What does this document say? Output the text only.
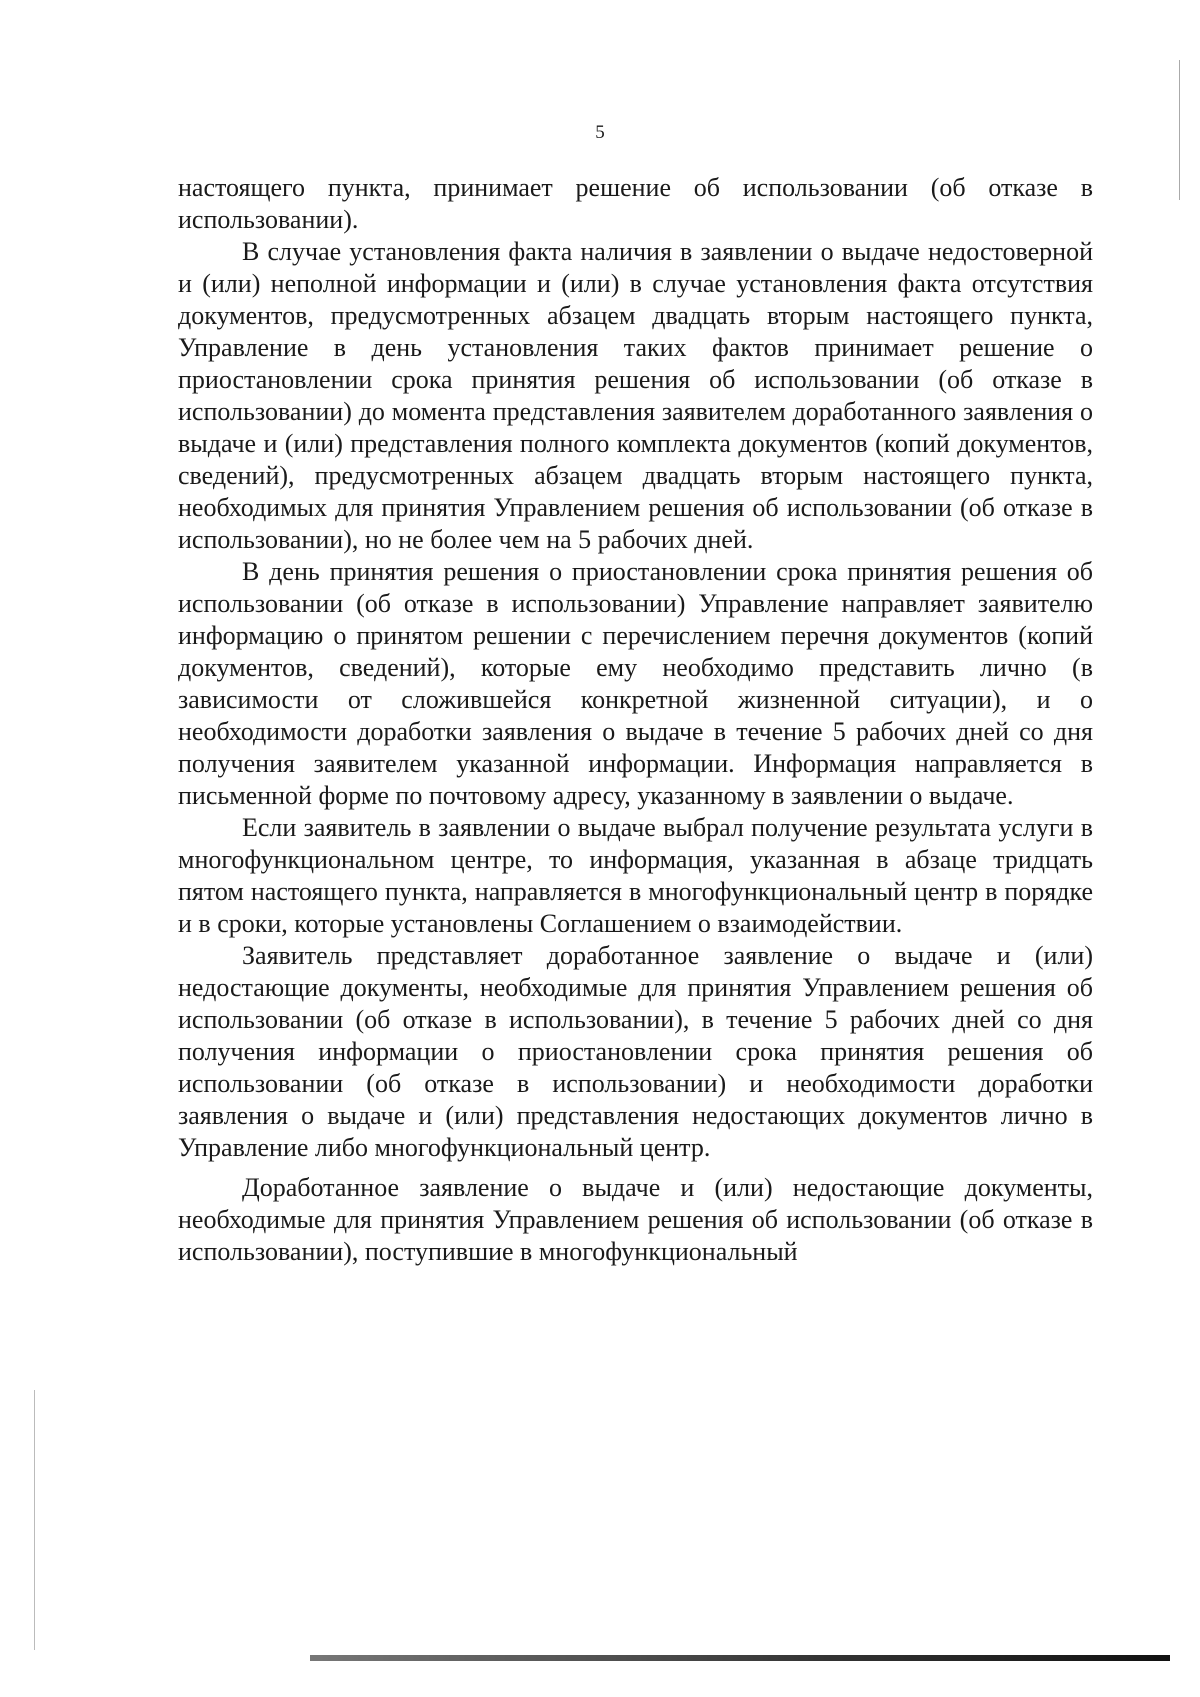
5

настоящего пункта, принимает решение об использовании (об отказе в использовании).

В случае установления факта наличия в заявлении о выдаче недостоверной и (или) неполной информации и (или) в случае установления факта отсутствия документов, предусмотренных абзацем двадцать вторым настоящего пункта, Управление в день установления таких фактов принимает решение о приостановлении срока принятия решения об использовании (об отказе в использовании) до момента представления заявителем доработанного заявления о выдаче и (или) представления полного комплекта документов (копий документов, сведений), предусмотренных абзацем двадцать вторым настоящего пункта, необходимых для принятия Управлением решения об использовании (об отказе в использовании), но не более чем на 5 рабочих дней.

В день принятия решения о приостановлении срока принятия решения об использовании (об отказе в использовании) Управление направляет заявителю информацию о принятом решении с перечислением перечня документов (копий документов, сведений), которые ему необходимо представить лично (в зависимости от сложившейся конкретной жизненной ситуации), и о необходимости доработки заявления о выдаче в течение 5 рабочих дней со дня получения заявителем указанной информации. Информация направляется в письменной форме по почтовому адресу, указанному в заявлении о выдаче.

Если заявитель в заявлении о выдаче выбрал получение результата услуги в многофункциональном центре, то информация, указанная в абзаце тридцать пятом настоящего пункта, направляется в многофункциональный центр в порядке и в сроки, которые установлены Соглашением о взаимодействии.

Заявитель представляет доработанное заявление о выдаче и (или) недостающие документы, необходимые для принятия Управлением решения об использовании (об отказе в использовании), в течение 5 рабочих дней со дня получения информации о приостановлении срока принятия решения об использовании (об отказе в использовании) и необходимости доработки заявления о выдаче и (или) представления недостающих документов лично в Управление либо многофункциональный центр.

Доработанное заявление о выдаче и (или) недостающие документы, необходимые для принятия Управлением решения об использовании (об отказе в использовании), поступившие в многофункциональный
